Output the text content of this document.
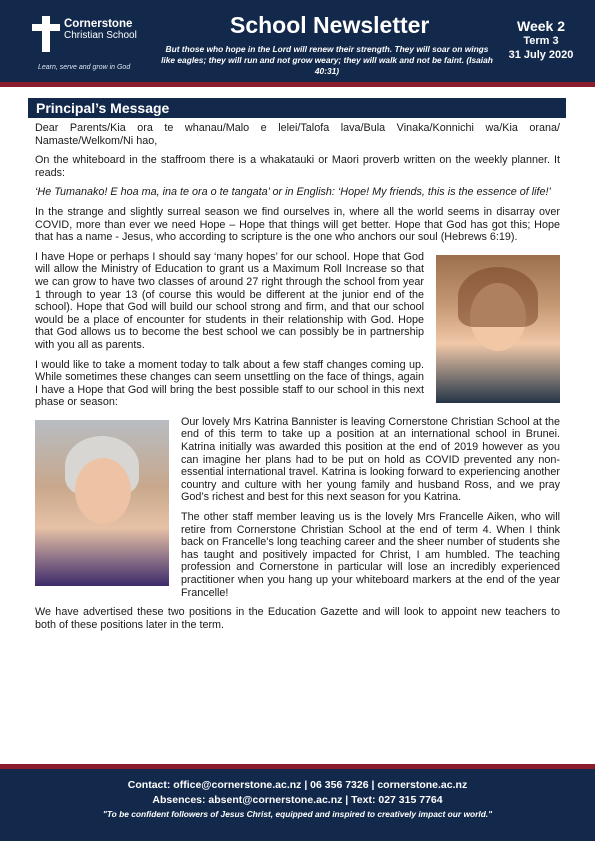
Cornerstone
Christian School
Learn, serve and grow in God
School Newsletter
But those who hope in the Lord will renew their strength. They will soar on wings like eagles; they will run and not grow weary; they will walk and not be faint. (Isaiah 40:31)
Week 2
Term 3
31 July 2020
Principal’s Message

Dear Parents/Kia ora te whanau/Malo e lelei/Talofa lava/Bula Vinaka/Konnichi wa/Kia orana/ Namaste/Welkom/Ni hao,

On the whiteboard in the staffroom there is a whakatauki or Maori proverb written on the weekly planner. It reads:

‘He Tumanako! E hoa ma, ina te ora o te tangata’ or in English: ‘Hope! My friends, this is the essence of life!’

In the strange and slightly surreal season we find ourselves in, where all the world seems in disarray over COVID, more than ever we need Hope – Hope that things will get better. Hope that God has got this; Hope that has a name - Jesus, who according to scripture is the one who anchors our soul (Hebrews 6:19).

I have Hope or perhaps I should say ‘many hopes’ for our school. Hope that God will allow the Ministry of Education to grant us a Maximum Roll Increase so that we can grow to have two classes of around 27 right through the school from year 1 through to year 13 (of course this would be different at the junior end of the school). Hope that God will build our school strong and firm, and that our school would be a place of encounter for students in their relationship with God. Hope that God allows us to become the best school we can possibly be in partnership with you all as parents.

I would like to take a moment today to talk about a few staff changes coming up. While sometimes these changes can seem unsettling on the face of things, again I have a Hope that God will bring the best possible staff to our school in this next phase or season:

Our lovely Mrs Katrina Bannister is leaving Cornerstone Christian School at the end of this term to take up a position at an international school in Brunei. Katrina initially was awarded this position at the end of 2019 however as you can imagine her plans had to be put on hold as COVID prevented any non-essential international travel. Katrina is looking forward to experiencing another country and culture with her young family and husband Ross, and we pray God’s richest and best for this next season for you Katrina.

The other staff member leaving us is the lovely Mrs Francelle Aiken, who will retire from Cornerstone Christian School at the end of term 4. When I think back on Francelle’s long teaching career and the sheer number of students she has taught and positively impacted for Christ, I am humbled. The teaching profession and Cornerstone in particular will lose an incredibly experienced practitioner when you hang up your whiteboard markers at the end of the year Francelle!

We have advertised these two positions in the Education Gazette and will look to appoint new teachers to both of these positions later in the term.

Contact: office@cornerstone.ac.nz | 06 356 7326 | cornerstone.ac.nz
Absences: absent@cornerstone.ac.nz | Text: 027 315 7764
"To be confident followers of Jesus Christ, equipped and inspired to creatively impact our world."
